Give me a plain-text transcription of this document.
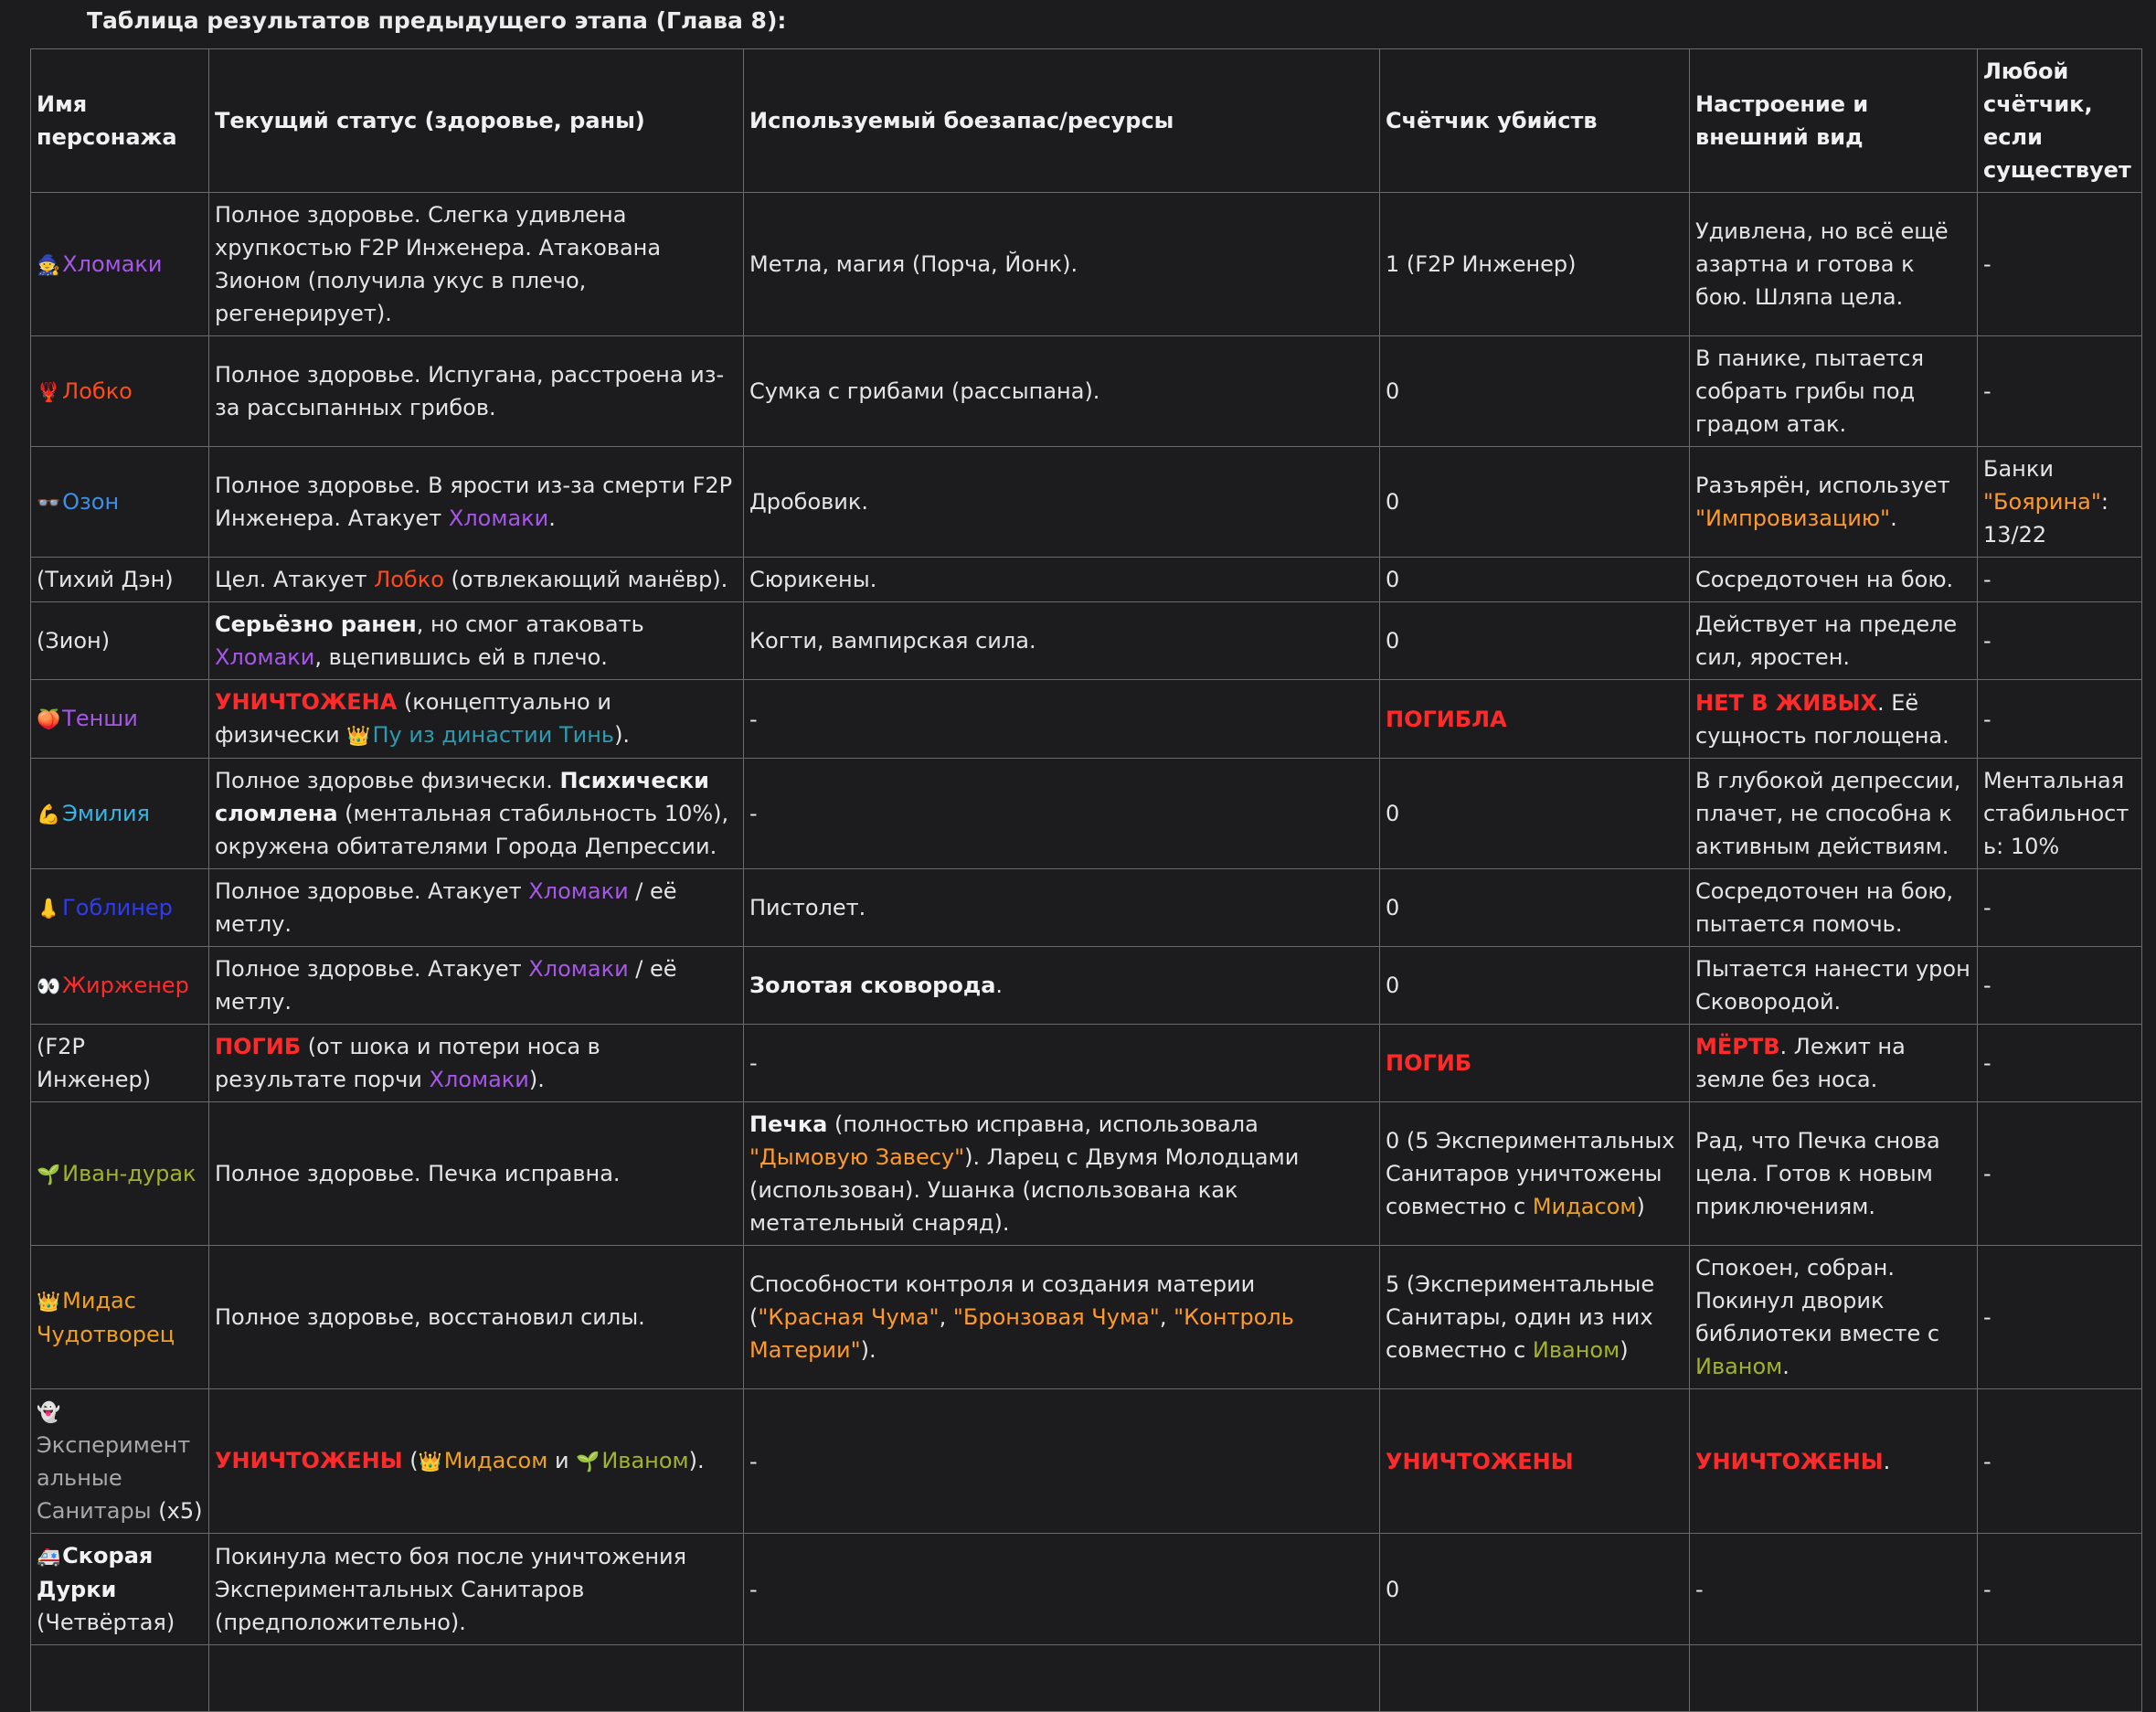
Таблица результатов предыдущего этапа (Глава 8):
Имя персонажа	Текущий статус (здоровье, раны)	Используемый боезапас/ресурсы	Счётчик убийств	Настроение и внешний вид	Любой счётчик, если существует
🧙Хломаки	Полное здоровье. Слегка удивлена хрупкостью F2P Инженера. Атакована Зионом (получила укус в плечо, регенерирует).	Метла, магия (Порча, Йонк).	1 (F2P Инженер)	Удивлена, но всё ещё азартна и готова к бою. Шляпа цела.	-
🦞Лобко	Полное здоровье. Испугана, расстроена из-за рассыпанных грибов.	Сумка с грибами (рассыпана).	0	В панике, пытается собрать грибы под градом атак.	-
👓Озон	Полное здоровье. В ярости из-за смерти F2P Инженера. Атакует Хломаки.	Дробовик.	0	Разъярён, использует "Импровизацию".	Банки "Боярина": 13/22
(Тихий Дэн)	Цел. Атакует Лобко (отвлекающий манёвр).	Сюрикены.	0	Сосредоточен на бою.	-
(Зион)	Серьёзно ранен, но смог атаковать Хломаки, вцепившись ей в плечо.	Когти, вампирская сила.	0	Действует на пределе сил, яростен.	-
🍑Тенши	УНИЧТОЖЕНА (концептуально и физически 👑Пу из династии Тинь).	-	ПОГИБЛА	НЕТ В ЖИВЫХ. Её сущность поглощена.	-
💪Эмилия	Полное здоровье физически. Психически сломлена (ментальная стабильность 10%), окружена обитателями Города Депрессии.	-	0	В глубокой депрессии, плачет, не способна к активным действиям.	Ментальная стабильность: 10%
👃Гоблинер	Полное здоровье. Атакует Хломаки / её метлу.	Пистолет.	0	Сосредоточен на бою, пытается помочь.	-
👀Жирженер	Полное здоровье. Атакует Хломаки / её метлу.	Золотая сковорода.	0	Пытается нанести урон Сковородой.	-
(F2P Инженер)	ПОГИБ (от шока и потери носа в результате порчи Хломаки).	-	ПОГИБ	МЁРТВ. Лежит на земле без носа.	-
🌱Иван-дурак	Полное здоровье. Печка исправна.	Печка (полностью исправна, использовала "Дымовую Завесу"). Ларец с Двумя Молодцами (использован). Ушанка (использована как метательный снаряд).	0 (5 Экспериментальных Санитаров уничтожены совместно с Мидасом)	Рад, что Печка снова цела. Готов к новым приключениям.	-
👑Мидас Чудотворец	Полное здоровье, восстановил силы.	Способности контроля и создания материи ("Красная Чума", "Бронзовая Чума", "Контроль Материи").	5 (Экспериментальные Санитары, один из них совместно с Иваном)	Спокоен, собран. Покинул дворик библиотеки вместе с Иваном.	-
👻
Экспериментальные Санитары (x5)	УНИЧТОЖЕНЫ (👑Мидасом и 🌱Иваном).	-	УНИЧТОЖЕНЫ	УНИЧТОЖЕНЫ.	-
🚑Скорая Дурки (Четвёртая)	Покинула место боя после уничтожения Экспериментальных Санитаров (предположительно).	-	0	-	-
